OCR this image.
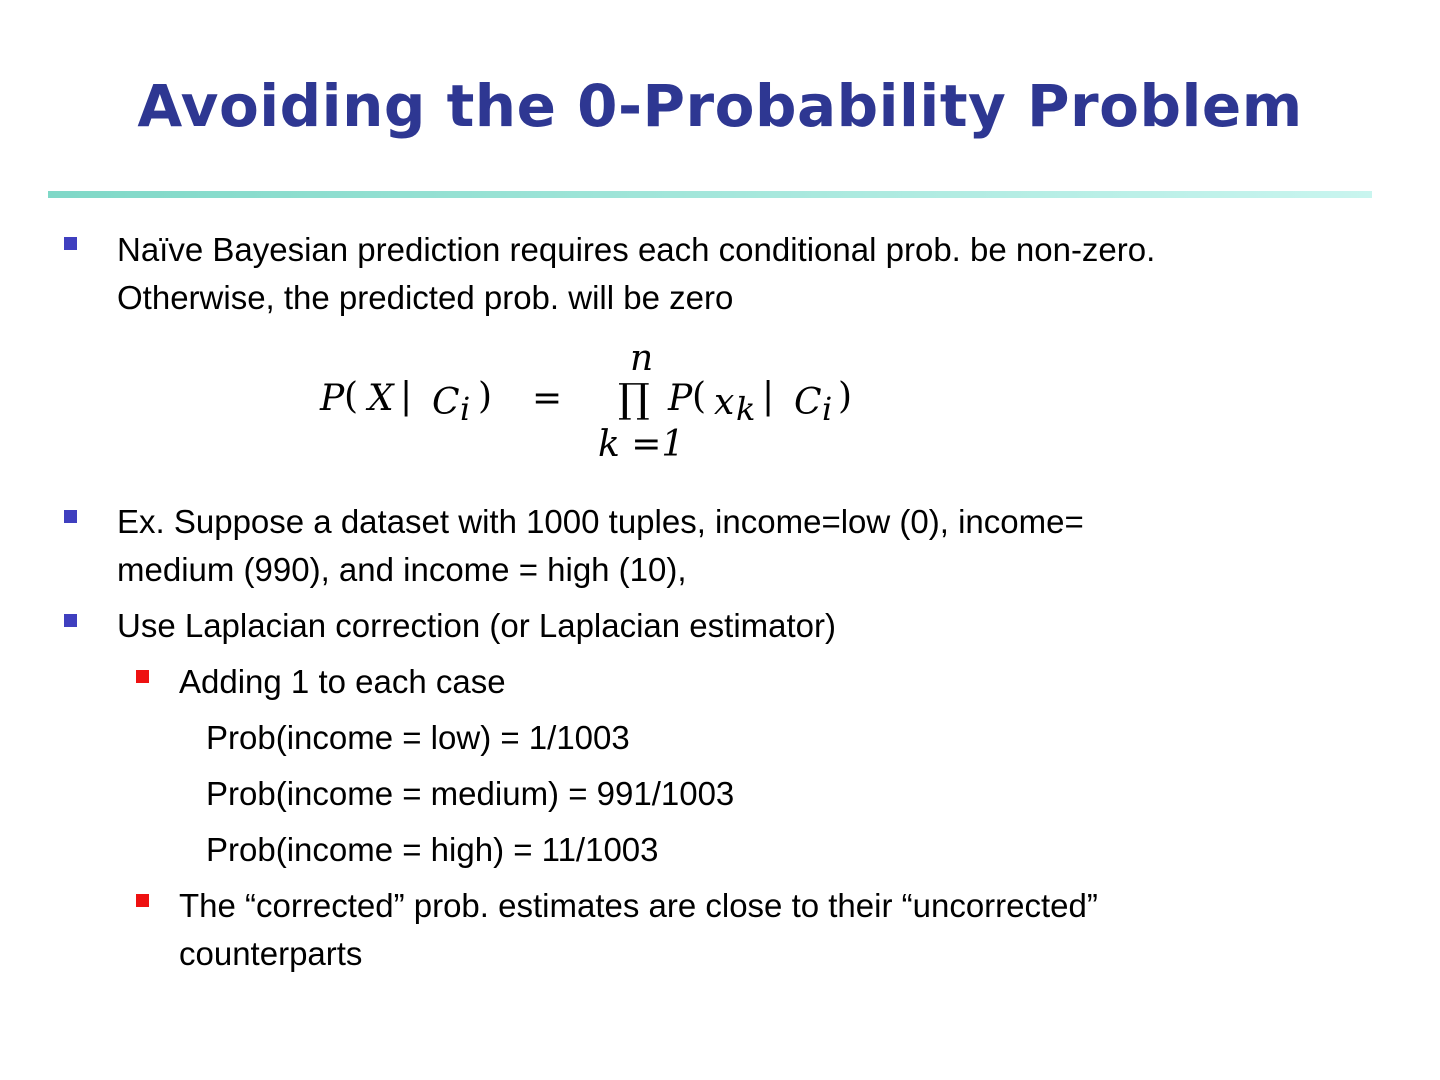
Avoiding the 0-Probability Problem
Naïve Bayesian prediction requires each conditional prob. be non-zero.
Otherwise, the predicted prob. will be zero
P ( X | C i ) =
n
∏
k =1
P ( x k | C i )
Ex. Suppose a dataset with 1000 tuples, income=low (0), income=
medium (990), and income = high (10),
Use Laplacian correction (or Laplacian estimator)
Adding 1 to each case
Prob(income = low) = 1/1003
Prob(income = medium) = 991/1003
Prob(income = high) = 11/1003
The “corrected” prob. estimates are close to their “uncorrected”
counterparts
